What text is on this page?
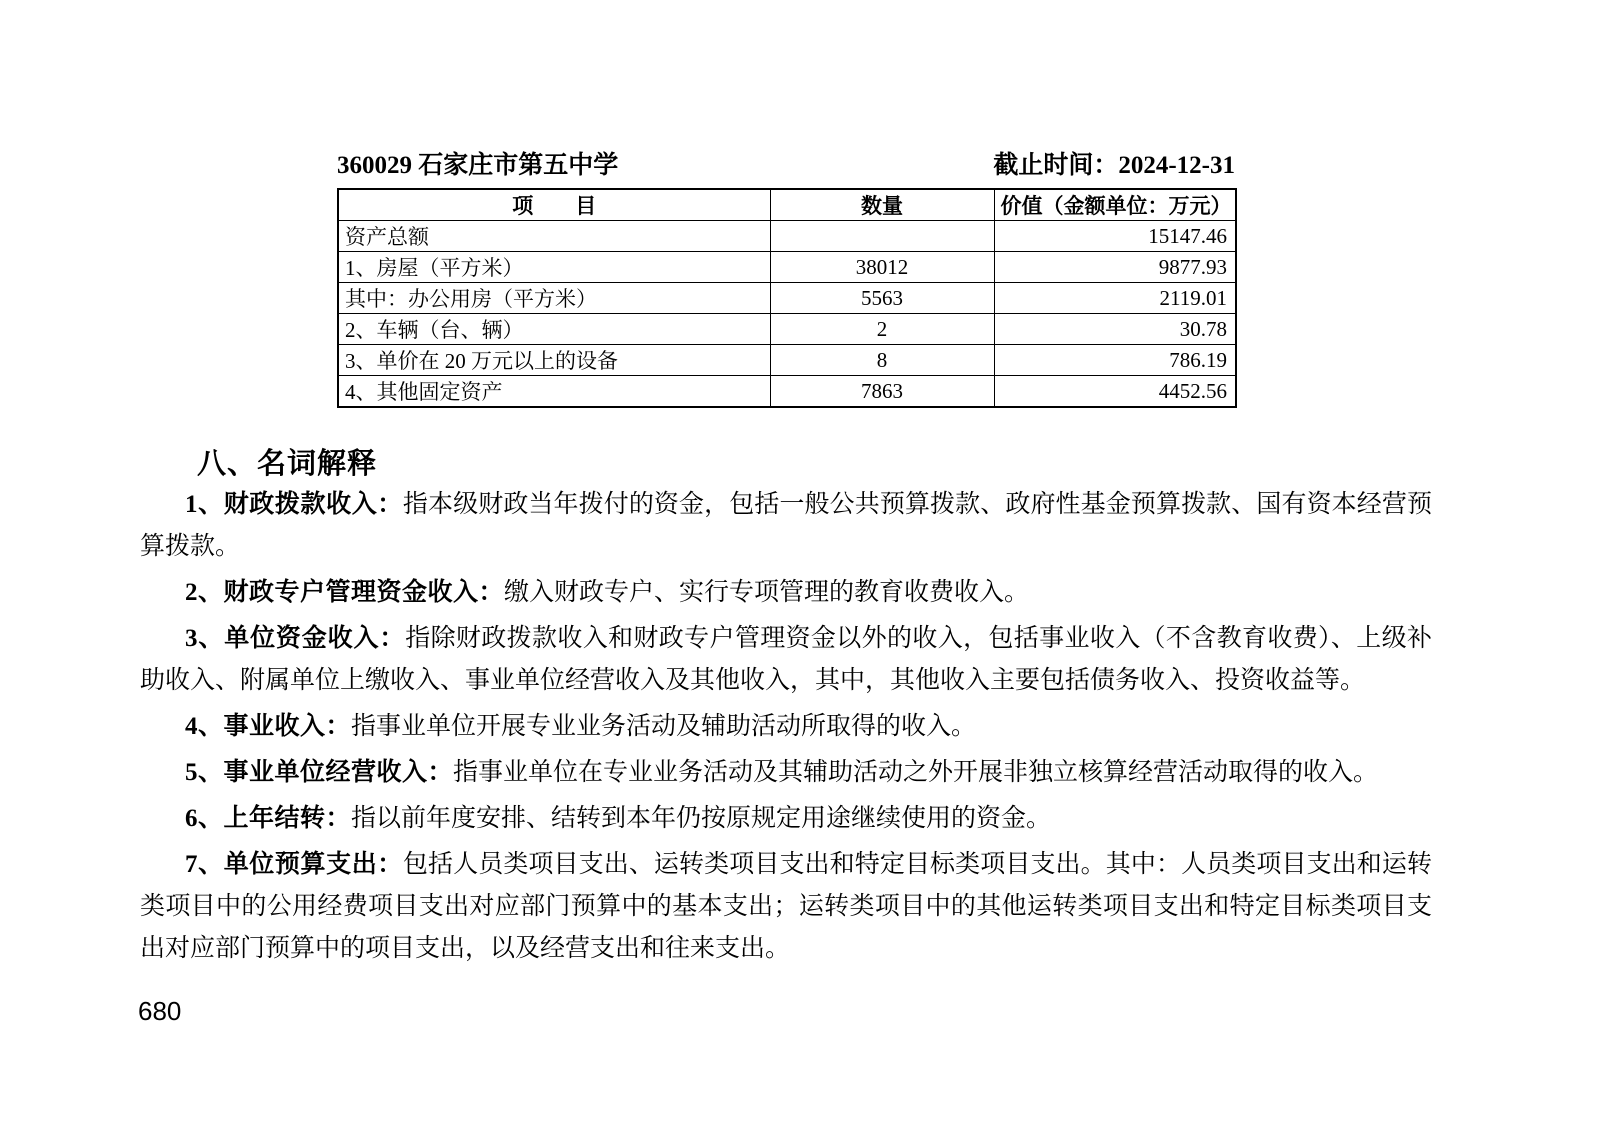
360029 石家庄市第五中学	截止时间：2024-12-31
项　　目	数量	价值（金额单位：万元）
资产总额		15147.46
1、房屋（平方米）	38012	9877.93
其中：办公用房（平方米）	5563	2119.01
2、车辆（台、辆）	2	30.78
3、单价在 20 万元以上的设备	8	786.19
4、其他固定资产	7863	4452.56
八、名词解释

1、财政拨款收入：指本级财政当年拨付的资金，包括一般公共预算拨款、政府性基金预算拨款、国有资本经营预算拨款。

2、财政专户管理资金收入：缴入财政专户、实行专项管理的教育收费收入。

3、单位资金收入：指除财政拨款收入和财政专户管理资金以外的收入，包括事业收入（不含教育收费）、上级补助收入、附属单位上缴收入、事业单位经营收入及其他收入，其中，其他收入主要包括债务收入、投资收益等。

4、事业收入：指事业单位开展专业业务活动及辅助活动所取得的收入。

5、事业单位经营收入：指事业单位在专业业务活动及其辅助活动之外开展非独立核算经营活动取得的收入。

6、上年结转：指以前年度安排、结转到本年仍按原规定用途继续使用的资金。

7、单位预算支出：包括人员类项目支出、运转类项目支出和特定目标类项目支出。其中：人员类项目支出和运转类项目中的公用经费项目支出对应部门预算中的基本支出；运转类项目中的其他运转类项目支出和特定目标类项目支出对应部门预算中的项目支出，以及经营支出和往来支出。

680
